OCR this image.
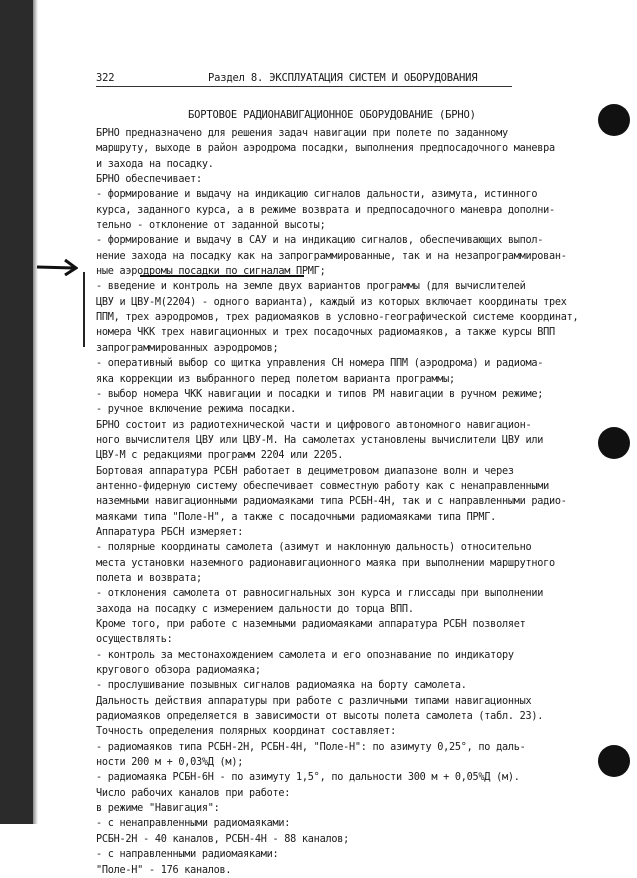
322	Раздел 8. ЭКСПЛУАТАЦИЯ СИСТЕМ И ОБОРУДОВАНИЯ
БОРТОВОЕ РАДИОНАВИГАЦИОННОЕ ОБОРУДОВАНИЕ (БРНО)
БРНО предназначено для решения задач навигации при полете по заданному
маршруту, выходе в район аэродрома посадки, выполнения предпосадочного маневра
и захода на посадку.
БРНО обеспечивает:
- формирование и выдачу на индикацию сигналов дальности, азимута, истинного
курса, заданного курса, а в режиме возврата и предпосадочного маневра дополни-
тельно - отклонение от заданной высоты;
- формирование и выдачу в САУ и на индикацию сигналов, обеспечивающих выпол-
нение захода на посадку как на запрограммированные, так и на незапрограммирован-
ные аэродромы посадки по сигналам ПРМГ;
- введение и контроль на земле двух вариантов программы (для вычислителей
ЦВУ и ЦВУ-М(2204) - одного варианта), каждый из которых включает координаты трех
ППМ, трех аэродромов, трех радиомаяков в условно-географической системе координат,
номера ЧКК трех навигационных и трех посадочных радиомаяков, а также курсы ВПП
запрограммированных аэродромов;
- оперативный выбор со щитка управления СН номера ППМ (аэродрома) и радиома-
яка коррекции из выбранного перед полетом варианта программы;
- выбор номера ЧКК навигации и посадки и типов РМ навигации в ручном режиме;
- ручное включение режима посадки.
БРНО состоит из радиотехнической части и цифрового автономного навигацион-
ного вычислителя ЦВУ или ЦВУ-М. На самолетах установлены вычислители ЦВУ или
ЦВУ-М с редакциями программ 2204 или 2205.
Бортовая аппаратура РСБН работает в дециметровом диапазоне волн и через
антенно-фидерную систему обеспечивает совместную работу как с ненаправленными
наземными навигационными радиомаяками типа РСБН-4Н, так и с направленными радио-
маяками типа "Поле-Н", а также с посадочными радиомаяками типа ПРМГ.
Аппаратура РБСН измеряет:
- полярные координаты самолета (азимут и наклонную дальность) относительно
места установки наземного радионавигационного маяка при выполнении маршрутного
полета и возврата;
- отклонения самолета от равносигнальных зон курса и глиссады при выполнении
захода на посадку с измерением дальности до торца ВПП.
Кроме того, при работе с наземными радиомаяками аппаратура РСБН позволяет
осуществлять:
- контроль за местонахождением самолета и его опознавание по индикатору
кругового обзора радиомаяка;
- прослушивание позывных сигналов радиомаяка на борту самолета.
Дальность действия аппаратуры при работе с различными типами навигационных
радиомаяков определяется в зависимости от высоты полета самолета (табл. 23).
Точность определения полярных координат составляет:
- радиомаяков типа РСБН-2Н, РСБН-4Н, "Поле-Н": по азимуту 0,25°, по даль-
ности 200 м + 0,03%Д (м);
- радиомаяка РСБН-6Н - по азимуту 1,5°, по дальности 300 м + 0,05%Д (м).
Число рабочих каналов при работе:
в режиме "Навигация":
- с ненаправленными радиомаяками:
РСБН-2Н - 40 каналов, РСБН-4Н - 88 каналов;
- с направленными радиомаяками:
"Поле-Н" - 176 каналов.
